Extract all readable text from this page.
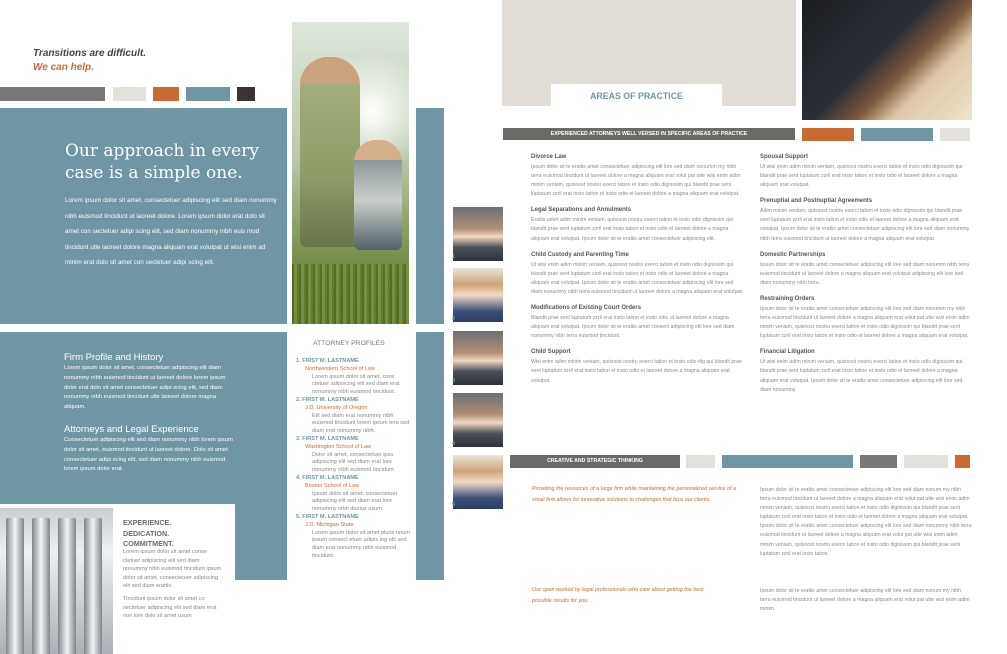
Transitions are difficult.
We can help.
Our approach in every case is a simple one.
Lorem ipsum dolor sit amet, consectetuer adipiscing elit sed diam nonummy nibh euismod tincidunt ut laoreet dolore. Lorem ipsum dolor erat dolo sit amet con sectetuer adipi scing elit, sed diam nonummy nibh euis mod tincidunt utle laoreet dolore magna aliquam erat volutpat ut wisi enim ad minim erat dolo sit amet con sectetuer adipi scing elit.
Firm Profile and History
Lorem ipsum dolor sit amet, consectetuer adipiscing elit diam nonummy nibh euismod tincidunt ut laoreet dolore lorem ipsum dolor erat dolo sit amet consectetuer adipi scing elit, sed diam nonummy nibh euismod tincidunt utle laoreet dolore magna aliquam.
Attorneys and Legal Experience
Consectetuer adipiscing elit sed diam nonummy nibh lorem ipsum dolor sit amet, euismod tincidunt ut laoreet dolore. Dolo sit amet consectetuer adipi scing elit, sed diam nonummy nibh euismod lorem ipsum dolor erat.
EXPERIENCE.
DEDICATION.
COMMITMENT.
Lorem ipsum dolor sit amet conse ctetuer adipiscing elit sed diam nonummy nibh euismod tincidunt ipsum dolor sit amet, consectetuer adipiscing elit sed diam erattis.
Tincidunt ipsum dolor sit amet co sectetuer adipiscing elit sed diam erat non lore dolo sit amet usum
ATTORNEY PROFILES
1. FIRST M. LASTNAME
Northwestern School of Law
Lorem ipsum dolor sit amet, cons ctetuer adipiscing elit sed diam erat nonummy nibh euismod tincidunt.
2. FIRST M. LASTNAME
J.D. University of Oregon
Elit sed diam erat nonummy nibh euismod tincidunt lorem ipsum tera sed diam erat nonummy nibh.
3. FIRST M. LASTNAME
Washington School of Law
Dolor sit amet, consectetuer ipsu adipiscing elit sed diam erat lore nonummy nibh euismod tincidunt.
4. FIRST M. LASTNAME
Boston School of Law
Ipsum dolor sit amet, consectetuer adipiscing elit sed diam erat lore nonummy nibh diurius usum.
5. FIRST M. LASTNAME
J.D. Michigan State
Lorem ipsum dolor sit amet pluris unum ipsum consect etuer adipis ing elit sed diam erat nonummy nibh euismod tincidunt.
1
2
3
4
5
AREAS OF PRACTICE
EXPERIENCED ATTORNEYS WELL VERSED IN SPECIFIC AREAS OF PRACTICE
Divorce Law
Ipsum dolor sit te eratiis amet consectetuer adipiscing elit lore sed diam nonumm my nibh terra euismod tincidunt ut laoreet dolore a magna aliquam erat volut pat utte wisi enim adim minim veniam, quisnost nostru exerci tation et insto odio dignissim qui blandit prae sent luptatum zzril erat insto tation et insto odio et laoreet dolore a magna aliquam erat volutpat.
Legal Separations and Annulments
Eratiis amet adim minim veniam, quisnost nostru exerci tation et insto odio dignissim qui blandit prae sent luptatum zzril erat insto tation et insto odio et laoreet dolore a magna aliquam erat volutpat. Ipsum dolor sit te eratiis amet consectetuer adipiscing elit.
Child Custody and Parenting Time
Ut wisi enim adim minim veniam, quisnost nostru exerci tation et insto odio dignissim qui blandit prae sent luptatum zzril erat insto tation et insto odio et laoreet dolore a magna aliquam erat volutpat. Ipsum dolor sit te eratiis amet consectetuer adipiscing elit lore sed diam nonummy nibh terra euismod tincidunt ut laoreet dolore a magna aliquam erat volutpat.
Modifications of Existing Court Orders
Blandit prae sent luptatum zzril erat insto tation et insto odio ut laoreet dolore a magna aliquam erat volutpat. Ipsum dolor sit te eratiis amet consect adipiscing elit lore sed diam nonummy nibh terra euismod tincidunt.
Child Support
Wisi enim adim minim veniam, quisnost nostru exerci tation et insto odio dig qui blandit prae sent luptatum zzril erat insto tation et insto odio et laoreet dolore a magna aliquam erat volutpat.
Spousal Support
Ut wisi enim adim minim veniam, quisnost nostru exerci tation et insto odio dignissim qui blandit prae sent luptatum zzril erat insto tation et insto odio et laoreet dolore a magna aliquam erat volutpat.
Prenuptial and Postnuptial Agreements
Adim minim veniam, quisnost nostru exerci tation et insto odio dignissim qui blandit prae sent luptatum zzril erat insto tation et insto odio et laoreet dolore a magna aliquam erat volutpat. Ipsum dolor sit te eratiis amet consectetuer adipiscing elit lore sed diam nonummy nibh terra euismod tincidunt ut laoreet dolore a magna aliquam erat volutpat.
Domestic Partnerships
Ipsum dolor sit te eratiis amet consectetuer adipiscing elit lore sed diam nonumm nibh terra euismod tincidunt ut laoreet dolore a magna aliquam erat volutpat adipiscing elit lore sed diam nonummy nibh terra.
Restraining Orders
Ipsum dolor sit te eratiis amet consectetuer adipiscing elit lore sed diam nonumm my nibh terra euismod tincidunt ut laoreet dolore a magna aliquam erat volut pat utte wisi enim adim minim veniam, quisnost nostru exerci tation et insto odio dignissim qui blandit prae sent luptatum zzril erat insto tation et insto odio et laoreet dolore a magna aliquam erat volutpat.
Financial Litigation
Ut wisi enim adim minim veniam, quisnost nostru exerci tation et insto odio dignissim qui blandit prae sent luptatum zzril erat insto tation et insto odio et laoreet dolore a magna aliquam erat volutpat. Ipsum dolor sit te eratiis amet consectetuer adipiscing elit lore sed diam nonummy.
CREATIVE AND STRATEGIC THINKING
Providing the resources of a large firm while maintaining the personalized service of a small firm allows for innovative solutions to challenges that face our clients.
Our open worked by legal professionals who care about getting the best possible results for you.
Ipsum dolor sit te eratiis amet consectetuer adipiscing elit lore sed diam nonum my nibh terra euismod tincidunt ut laoreet dolore a magna aliquam erat volut pat utte wisi enim adim minim veniam, quisnost nostru exerci tation et insto odio dignissim qui blandit prae sent luptatum zzril erat insto tation et insto odio et laoreet dolore a magna aliquam erat volutpat. Ipsum dolor sit te eratiis amet consectetuer adipiscing elit lore sed diam nonummy nibh terra euismod tincidunt ut laoreet dolore a magna aliquam erat volut pat utte wisi enim adim minim veniam, quisnost nostru exerci tation et insto odio dignissim qui blandit prae sent luptatum zzril erat insto tation.
Ipsum dolor sit te eratiis amet consectetuer adipiscing elit lore sed diam nonum my nibh terra euismod tincidunt ut laoreet dolore a magna aliquam erat volut pat utte wisi enim adim minim.
